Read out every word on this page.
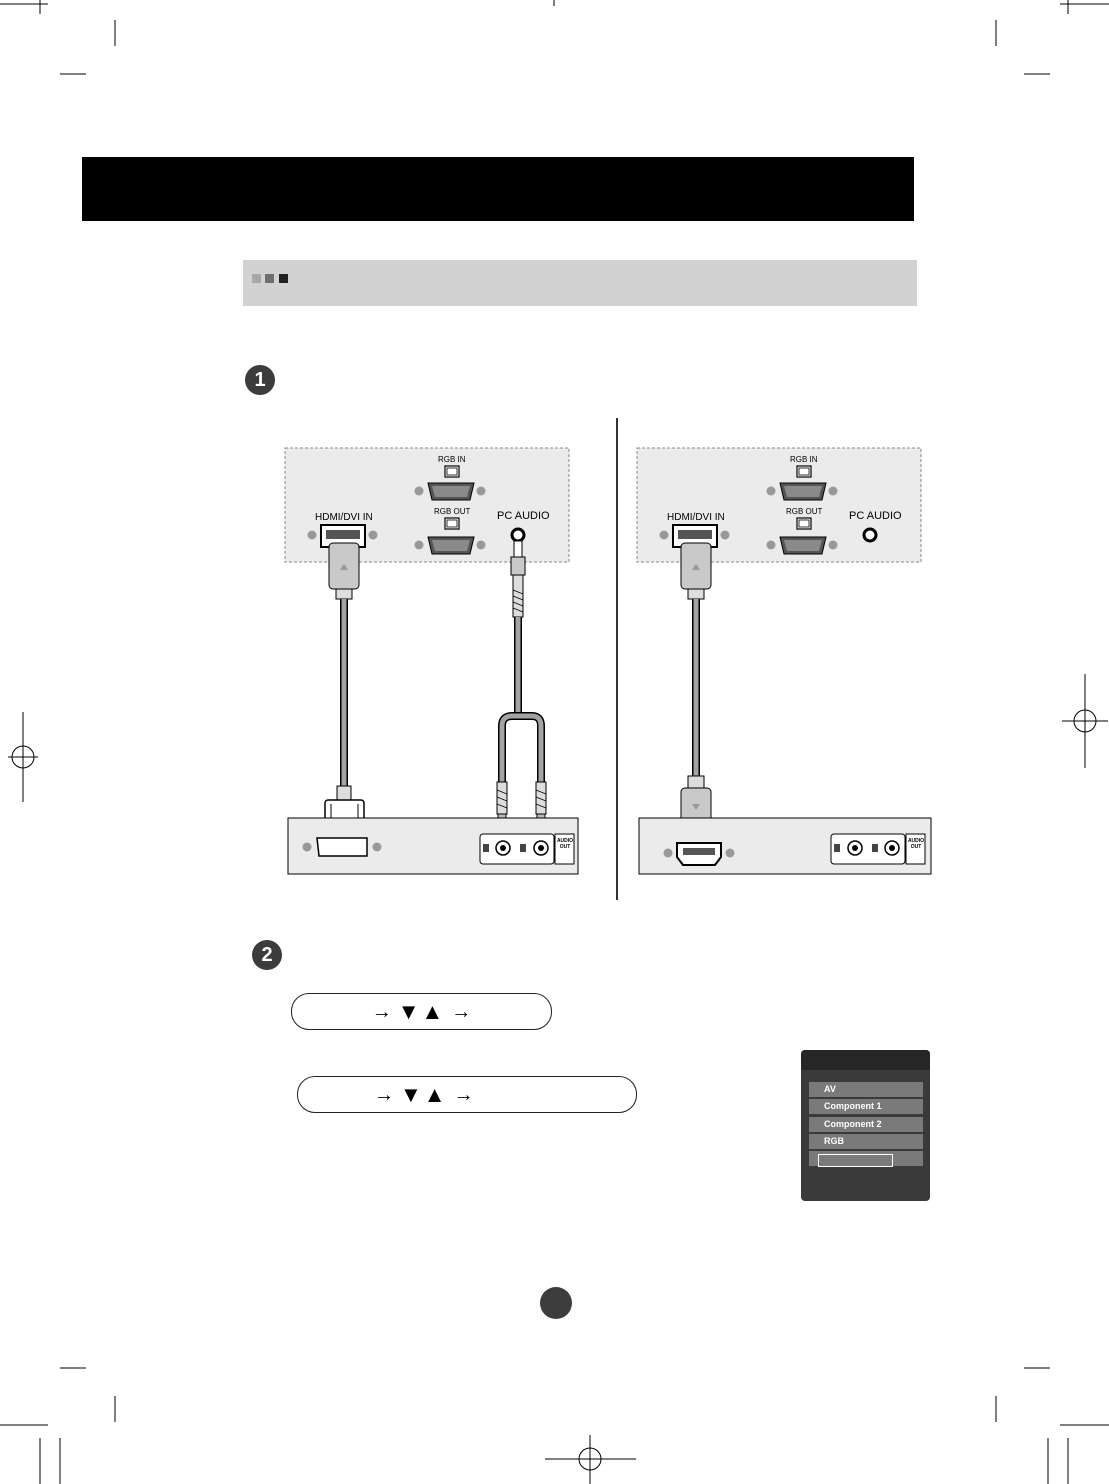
1
2
RGB IN
RGB OUT
HDMI/DVI IN	PC AUDIO
AUDIO OUT
RGB IN
RGB OUT
HDMI/DVI IN	PC AUDIO
AUDIO OUT
→ ▼▲ →
→ ▼▲ →	AV
Component 1
Component 2
RGB
